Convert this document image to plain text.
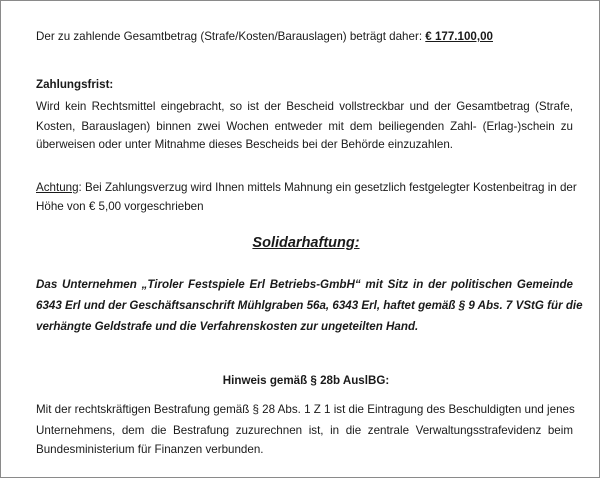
Der zu zahlende Gesamtbetrag (Strafe/Kosten/Barauslagen) beträgt daher: € 177.100,00
Zahlungsfrist:
Wird kein Rechtsmittel eingebracht, so ist der Bescheid vollstreckbar und der Gesamtbetrag (Strafe,
Kosten, Barauslagen) binnen zwei Wochen entweder mit dem beiliegenden Zahl- (Erlag-)schein zu
überweisen oder unter Mitnahme dieses Bescheids bei der Behörde einzuzahlen.
Achtung: Bei Zahlungsverzug wird Ihnen mittels Mahnung ein gesetzlich festgelegter Kostenbeitrag in der
Höhe von € 5,00 vorgeschrieben
Solidarhaftung:
Das Unternehmen „Tiroler Festspiele Erl Betriebs-GmbH“ mit Sitz in der politischen Gemeinde
6343 Erl und der Geschäftsanschrift Mühlgraben 56a, 6343 Erl, haftet gemäß § 9 Abs. 7 VStG für die
verhängte Geldstrafe und die Verfahrenskosten zur ungeteilten Hand.
Hinweis gemäß § 28b AuslBG:
Mit der rechtskräftigen Bestrafung gemäß § 28 Abs. 1 Z 1 ist die Eintragung des Beschuldigten und jenes
Unternehmens, dem die Bestrafung zuzurechnen ist, in die zentrale Verwaltungsstrafevidenz beim
Bundesministerium für Finanzen verbunden.
